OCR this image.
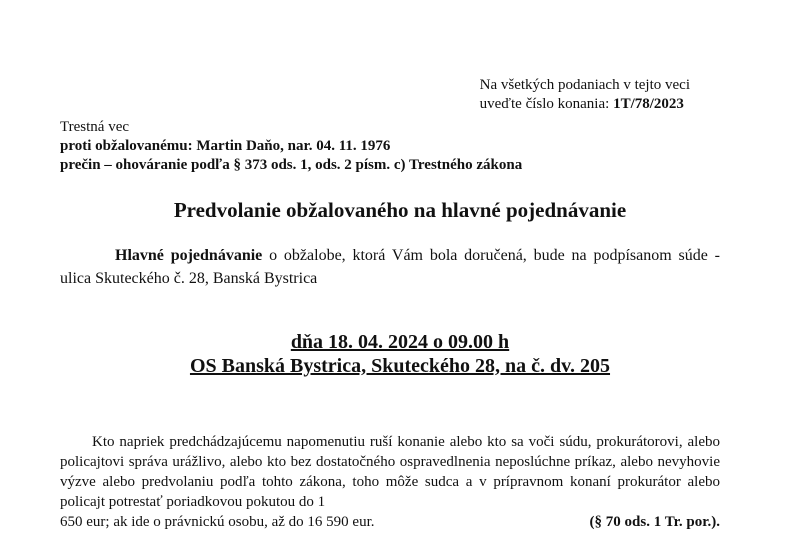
Na všetkých podaniach v tejto veci
uveďte číslo konania: 1T/78/2023
Trestná vec
proti obžalovanému: Martin Daňo, nar. 04. 11. 1976
prečin – ohováranie podľa § 373 ods. 1, ods. 2 písm. c) Trestného zákona
Predvolanie obžalovaného na hlavné pojednávanie
Hlavné pojednávanie o obžalobe, ktorá Vám bola doručená, bude na podpísanom súde - ulica Skuteckého č. 28, Banská Bystrica
dňa 18. 04. 2024 o 09.00 h
OS Banská Bystrica, Skuteckého 28, na č. dv. 205
Kto napriek predchádzajúcemu napomenutiu ruší konanie alebo kto sa voči súdu, prokurátorovi, alebo policajtovi správa urážlivo, alebo kto bez dostatočného ospravedlnenia neposlúchne príkaz, alebo nevyhovie výzve alebo predvolaniu podľa tohto zákona, toho môže sudca a v prípravnom konaní prokurátor alebo policajt potrestať poriadkovou pokutou do 1
650 eur; ak ide o právnickú osobu, až do 16 590 eur.	(§ 70 ods. 1 Tr. por.).
